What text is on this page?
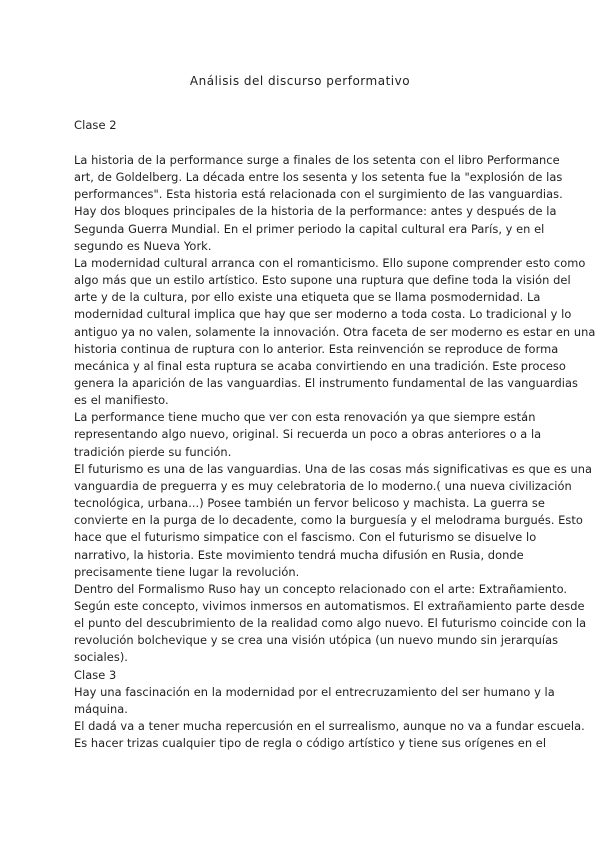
Análisis del discurso performativo
Clase 2
La historia de la performance surge a finales de los setenta con el libro Performance
art, de Goldelberg. La década entre los sesenta y los setenta fue la "explosión de las
performances". Esta historia está relacionada con el surgimiento de las vanguardias.
Hay dos bloques principales de la historia de la performance: antes y después de la
Segunda Guerra Mundial. En el primer periodo la capital cultural era París, y en el
segundo es Nueva York.
La modernidad cultural arranca con el romanticismo. Ello supone comprender esto como
algo más que un estilo artístico. Esto supone una ruptura que define toda la visión del
arte y de la cultura, por ello existe una etiqueta que se llama posmodernidad. La
modernidad cultural implica que hay que ser moderno a toda costa. Lo tradicional y lo
antiguo ya no valen, solamente la innovación. Otra faceta de ser moderno es estar en una
historia continua de ruptura con lo anterior. Esta reinvención se reproduce de forma
mecánica y al final esta ruptura se acaba convirtiendo en una tradición. Este proceso
genera la aparición de las vanguardias. El instrumento fundamental de las vanguardias
es el manifiesto.
La performance tiene mucho que ver con esta renovación ya que siempre están
representando algo nuevo, original. Si recuerda un poco a obras anteriores o a la
tradición pierde su función.
El futurismo es una de las vanguardias. Una de las cosas más significativas es que es una
vanguardia de preguerra y es muy celebratoria de lo moderno.( una nueva civilización
tecnológica, urbana...) Posee también un fervor belicoso y machista. La guerra se
convierte en la purga de lo decadente, como la burguesía y el melodrama burgués. Esto
hace que el futurismo simpatice con el fascismo. Con el futurismo se disuelve lo
narrativo, la historia. Este movimiento tendrá mucha difusión en Rusia, donde
precisamente tiene lugar la revolución.
Dentro del Formalismo Ruso hay un concepto relacionado con el arte: Extrañamiento.
Según este concepto, vivimos inmersos en automatismos. El extrañamiento parte desde
el punto del descubrimiento de la realidad como algo nuevo. El futurismo coincide con la
revolución bolchevique y se crea una visión utópica (un nuevo mundo sin jerarquías
sociales).
Clase 3
Hay una fascinación en la modernidad por el entrecruzamiento del ser humano y la
máquina.
El dadá va a tener mucha repercusión en el surrealismo, aunque no va a fundar escuela.
Es hacer trizas cualquier tipo de regla o código artístico y tiene sus orígenes en el
